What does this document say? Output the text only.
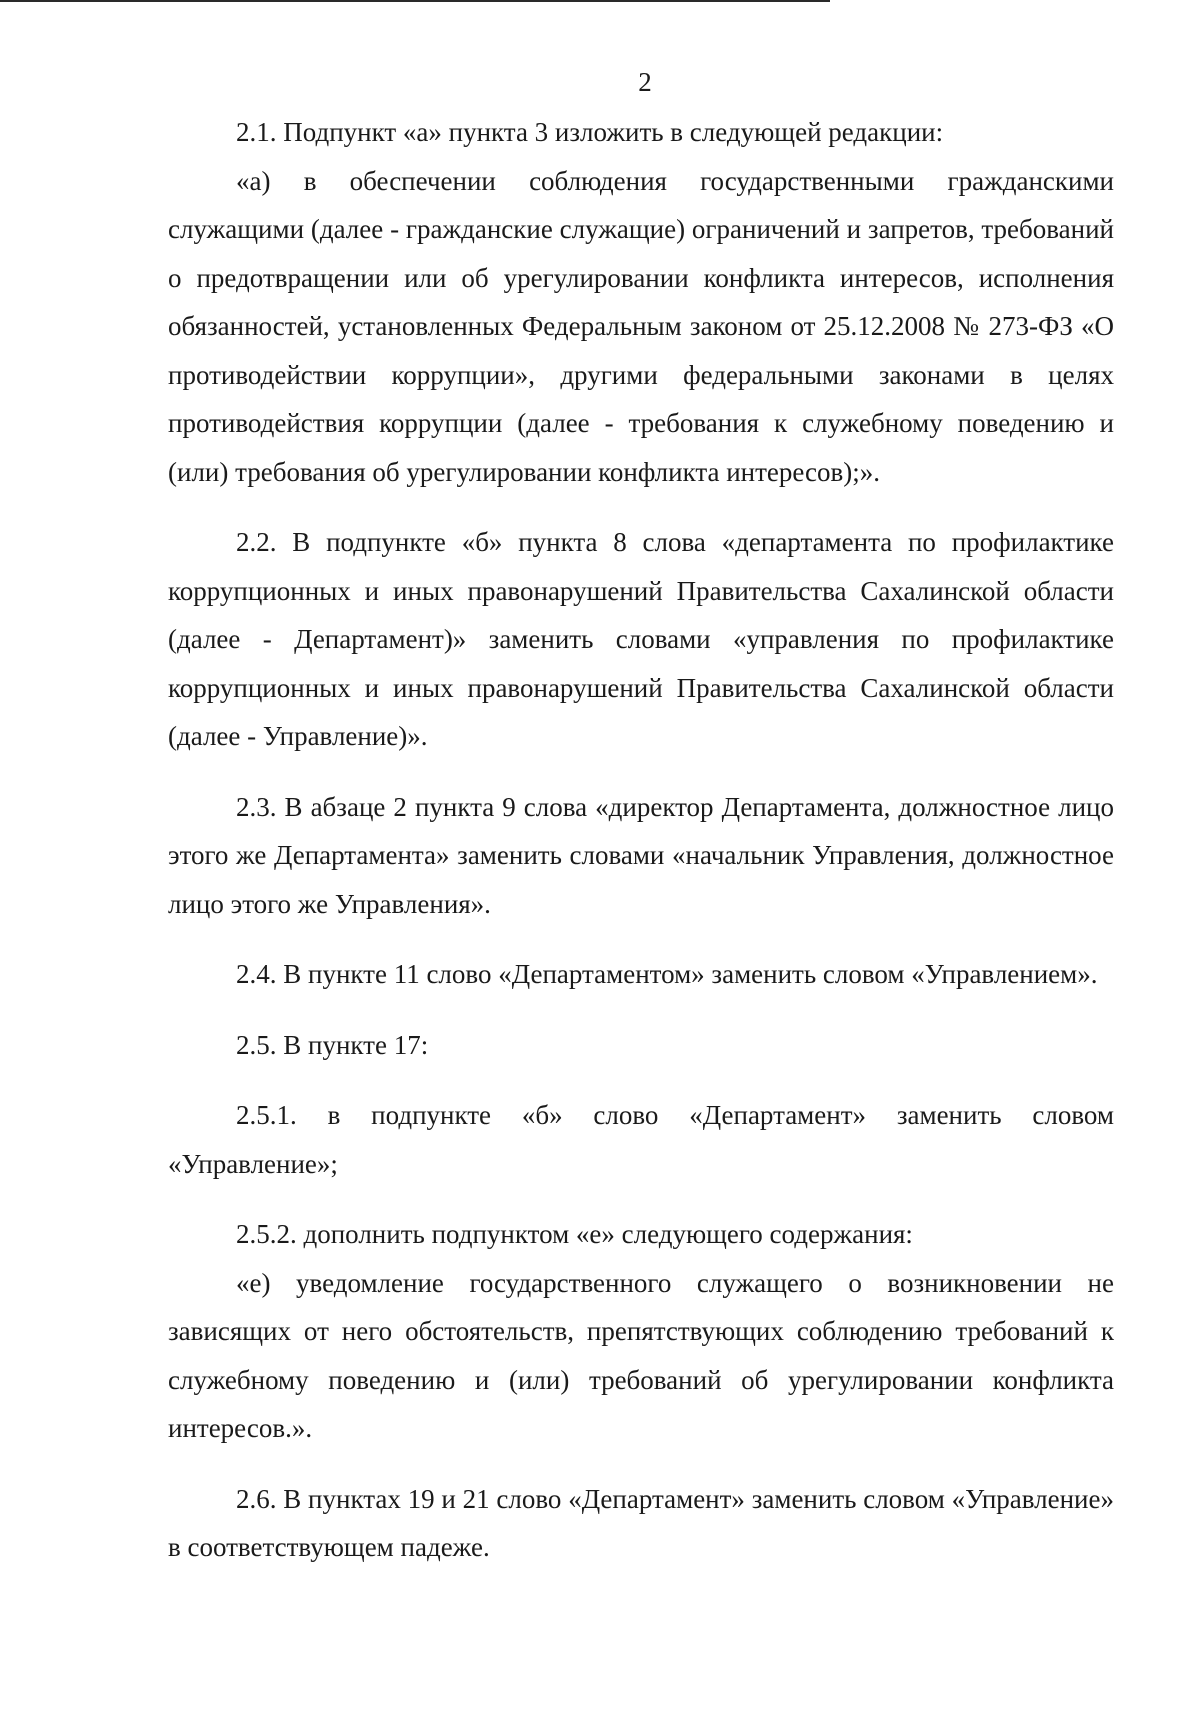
2

2.1. Подпункт «а» пункта 3 изложить в следующей редакции:

«а) в обеспечении соблюдения государственными гражданскими служащими (далее - гражданские служащие) ограничений и запретов, требований о предотвращении или об урегулировании конфликта интересов, исполнения обязанностей, установленных Федеральным законом от 25.12.2008 № 273-ФЗ «О противодействии коррупции», другими федеральными законами в целях противодействия коррупции (далее - требования к служебному поведению и (или) требования об урегулировании конфликта интересов);».

2.2. В подпункте «б» пункта 8 слова «департамента по профилактике коррупционных и иных правонарушений Правительства Сахалинской области (далее - Департамент)» заменить словами «управления по профилактике коррупционных и иных правонарушений Правительства Сахалинской области (далее - Управление)».

2.3. В абзаце 2 пункта 9 слова «директор Департамента, должностное лицо этого же Департамента» заменить словами «начальник Управления, должностное лицо этого же Управления».

2.4. В пункте 11 слово «Департаментом» заменить словом «Управлением».

2.5. В пункте 17:

2.5.1. в подпункте «б» слово «Департамент» заменить словом «Управление»;

2.5.2. дополнить подпунктом «е» следующего содержания:

«е) уведомление государственного служащего о возникновении не зависящих от него обстоятельств, препятствующих соблюдению требований к служебному поведению и (или) требований об урегулировании конфликта интересов.».

2.6. В пунктах 19 и 21 слово «Департамент» заменить словом «Управление» в соответствующем падеже.
